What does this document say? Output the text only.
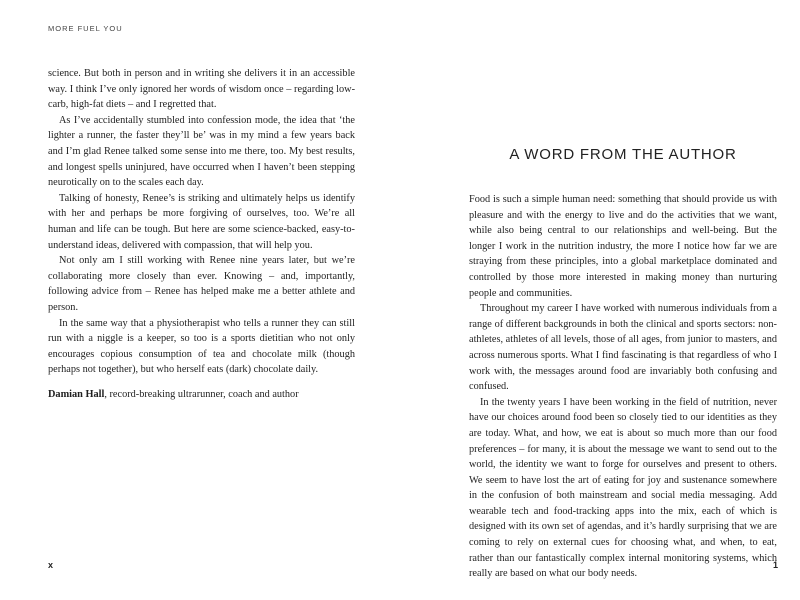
MORE FUEL YOU

science. But both in person and in writing she delivers it in an accessible way. I think I’ve only ignored her words of wisdom once – regarding low-carb, high-fat diets – and I regretted that.

As I’ve accidentally stumbled into confession mode, the idea that ‘the lighter a runner, the faster they’ll be’ was in my mind a few years back and I’m glad Renee talked some sense into me there, too. My best results, and longest spells uninjured, have occurred when I haven’t been stepping neurotically on to the scales each day.

Talking of honesty, Renee’s is striking and ultimately helps us identify with her and perhaps be more forgiving of ourselves, too. We’re all human and life can be tough. But here are some science-backed, easy-to-understand ideas, delivered with compassion, that will help you.

Not only am I still working with Renee nine years later, but we’re collaborating more closely than ever. Knowing – and, importantly, following advice from – Renee has helped make me a better athlete and person.

In the same way that a physiotherapist who tells a runner they can still run with a niggle is a keeper, so too is a sports dietitian who not only encourages copious consumption of tea and chocolate milk (though perhaps not together), but who herself eats (dark) chocolate daily.

Damian Hall, record-breaking ultrarunner, coach and author

x
A WORD FROM THE AUTHOR

Food is such a simple human need: something that should provide us with pleasure and with the energy to live and do the activities that we want, while also being central to our relationships and well-being. But the longer I work in the nutrition industry, the more I notice how far we are straying from these principles, into a global marketplace dominated and controlled by those more interested in making money than nurturing people and communities.

Throughout my career I have worked with numerous individuals from a range of different backgrounds in both the clinical and sports sectors: non-athletes, athletes of all levels, those of all ages, from junior to masters, and across numerous sports. What I find fascinating is that regardless of who I work with, the messages around food are invariably both confusing and confused.

In the twenty years I have been working in the field of nutrition, never have our choices around food been so closely tied to our identities as they are today. What, and how, we eat is about so much more than our food preferences – for many, it is about the message we want to send out to the world, the identity we want to forge for ourselves and present to others. We seem to have lost the art of eating for joy and sustenance somewhere in the confusion of both mainstream and social media messaging. Add wearable tech and food-tracking apps into the mix, each of which is designed with its own set of agendas, and it’s hardly surprising that we are coming to rely on external cues for choosing what, and when, to eat, rather than our fantastically complex internal monitoring systems, which really are based on what our body needs.

1
